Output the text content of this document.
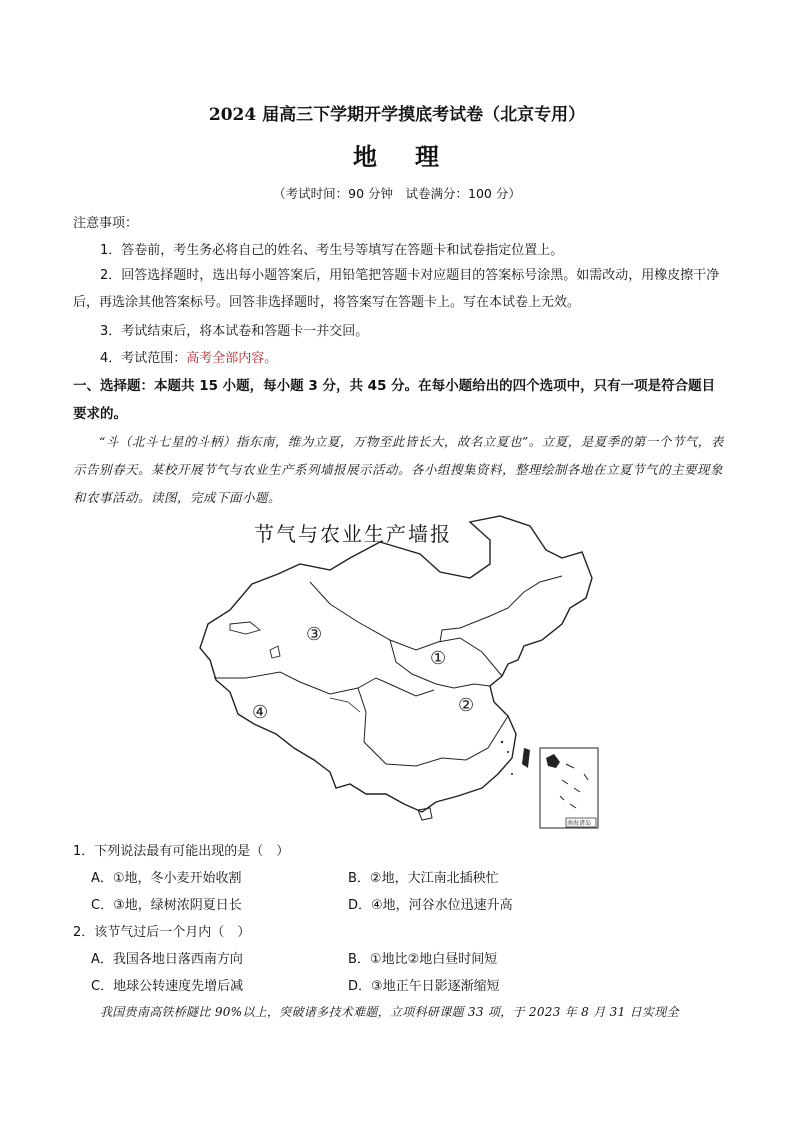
2024 届高三下学期开学摸底考试卷（北京专用）
地 理
（考试时间：90 分钟　试卷满分：100 分）
注意事项：
1．答卷前，考生务必将自己的姓名、考生号等填写在答题卡和试卷指定位置上。
2．回答选择题时，选出每小题答案后，用铅笔把答题卡对应题目的答案标号涂黑。如需改动，用橡皮擦干净后，再选涂其他答案标号。回答非选择题时，将答案写在答题卡上。写在本试卷上无效。
3．考试结束后，将本试卷和答题卡一并交回。
4．考试范围：高考全部内容。
一、选择题：本题共 15 小题，每小题 3 分，共 45 分。在每小题给出的四个选项中，只有一项是符合题目要求的。
“斗（北斗七星的斗柄）指东南，维为立夏，万物至此皆长大，故名立夏也”。立夏，是夏季的第一个节气，表示告别春天。某校开展节气与农业生产系列墙报展示活动。各小组搜集资料，整理绘制各地在立夏节气的主要现象和农事活动。读图，完成下面小题。
节气与农业生产墙报
南海诸岛
①
②
③
④
1．下列说法最有可能出现的是（　）
A．①地，冬小麦开始收割	B．②地，大江南北插秧忙
C．③地，绿树浓阴夏日长	D．④地，河谷水位迅速升高
2．该节气过后一个月内（　）
A．我国各地日落西南方向	B．①地比②地白昼时间短
C．地球公转速度先增后减	D．③地正午日影逐渐缩短
我国贵南高铁桥隧比 90%以上，突破诸多技术难题，立项科研课题 33 项，于 2023 年 8 月 31 日实现全
